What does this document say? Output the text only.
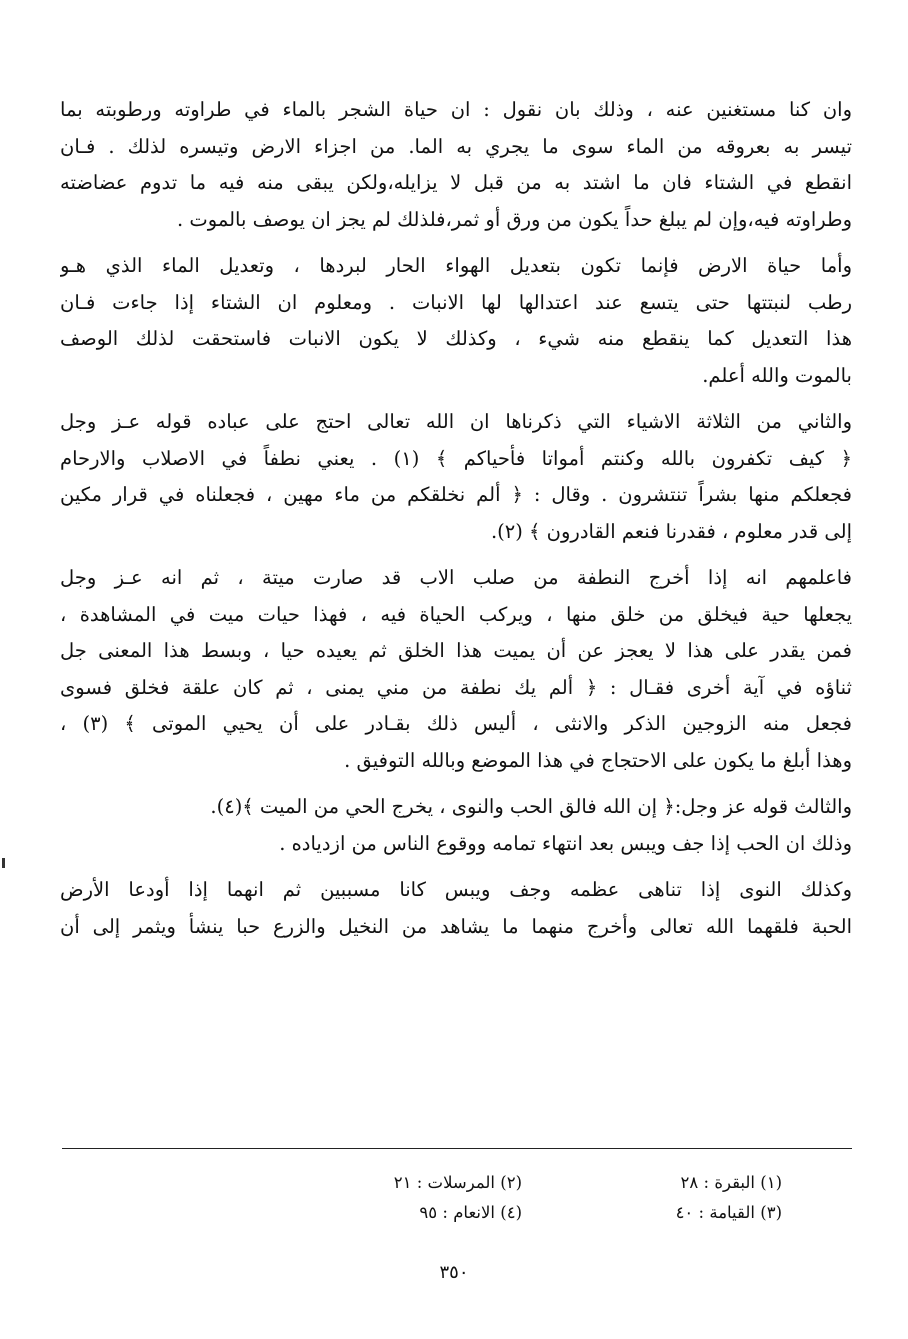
وان كنا مستغنين عنه ، وذلك بان نقول : ان حياة الشجر بالماء في طراوته ورطوبته بما
تيسر به بعروقه من الماء سوى ما يجري به الما. من اجزاء الارض وتيسره لذلك . فـان
انقطع في الشتاء فان ما اشتد به من قبل لا يزايله،ولكن يبقى منه فيه ما تدوم عضاضته
وطراوته فيه،وإن لم يبلغ حداً يكون من ورق أو ثمر،فلذلك لم يجز ان يوصف بالموت .
وأما حياة الارض فإنما تكون بتعديل الهواء الحار لبردها ، وتعديل الماء الذي هـو
رطب لنبتتها حتى يتسع عند اعتدالها لها الانبات . ومعلوم ان الشتاء إذا جاءت فـان
هذا التعديل كما ينقطع منه شيء ، وكذلك لا يكون الانبات فاستحقت لذلك الوصف
بالموت والله أعلم.
والثاني من الثلاثة الاشياء التي ذكرناها ان الله تعالى احتج على عباده قوله عـز وجل
﴿ كيف تكفرون بالله وكنتم أمواتا فأحياكم ﴾ (١) . يعني نطفاً في الاصلاب والارحام
فجعلكم منها بشراً تنتشرون . وقال : ﴿ ألم نخلقكم من ماء مهين ، فجعلناه في قرار مكين
إلى قدر معلوم ، فقدرنا فنعم القادرون ﴾ (٢).
فاعلمهم انه إذا أخرج النطفة من صلب الاب قد صارت ميتة ، ثم انه عـز وجل
يجعلها حية فيخلق من خلق منها ، ويركب الحياة فيه ، فهذا حيات ميت في المشاهدة ،
فمن يقدر على هذا لا يعجز عن أن يميت هذا الخلق ثم يعيده حيا ، وبسط هذا المعنى جل
ثناؤه في آية أخرى فقـال : ﴿ ألم يك نطفة من مني يمنى ، ثم كان علقة فخلق فسوى
فجعل منه الزوجين الذكر والانثى ، أليس ذلك بقـادر على أن يحيي الموتى ﴾ (٣) ،
وهذا أبلغ ما يكون على الاحتجاج في هذا الموضع وبالله التوفيق .
والثالث قوله عز وجل:﴿ إن الله فالق الحب والنوى ، يخرج الحي من الميت ﴾(٤).
وذلك ان الحب إذا جف ويبس بعد انتهاء تمامه ووقوع الناس من ازدياده .
وكذلك النوى إذا تناهى عظمه وجف ويبس كانا مسببين ثم انهما إذا أودعا الأرض
الحبة فلقهما الله تعالى وأخرج منهما ما يشاهد من النخيل والزرع حبا ينشأ ويثمر إلى أن
(١) البقرة : ٢٨
(٢) المرسلات : ٢١
(٣) القيامة : ٤٠
(٤) الانعام : ٩٥
٣٥٠
